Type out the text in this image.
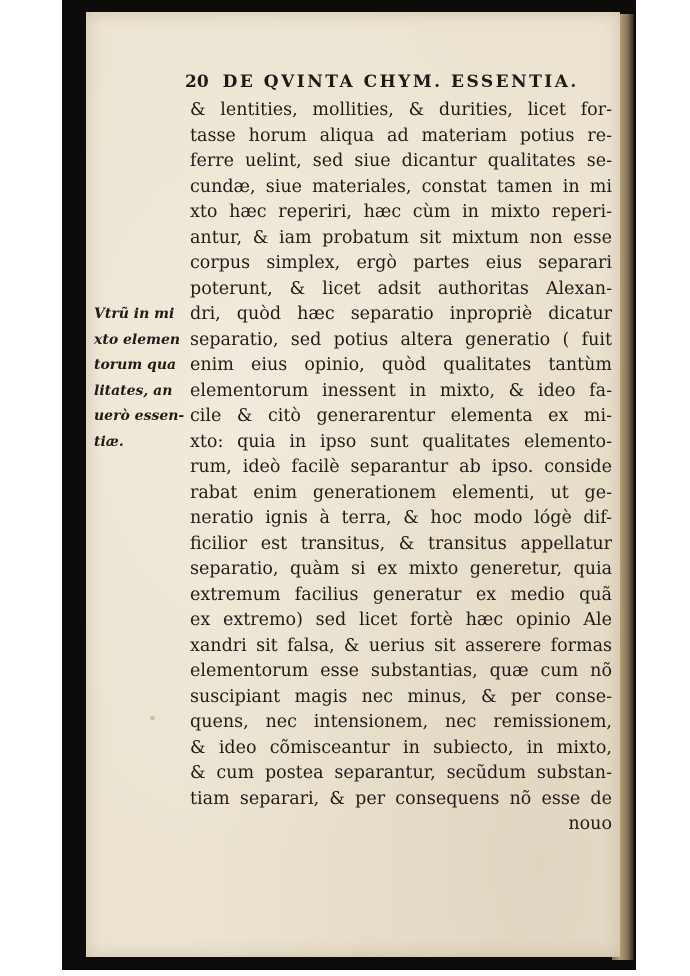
20 DE QVINTA CHYM. ESSENTIA.
Vtrũ in mi
xto elemen
torum qua
litates, an
uerò essen-
tiæ.
& lentities, mollities, & durities, licet for-
tasse horum aliqua ad materiam potius re-
ferre uelint, sed siue dicantur qualitates se-
cundæ, siue materiales, constat tamen in mi
xto hæc reperiri, hæc cùm in mixto reperi-
antur, & iam probatum sit mixtum non esse
corpus simplex, ergò partes eius separari
poterunt, & licet adsit authoritas Alexan-
dri, quòd hæc separatio inpropriè dicatur
separatio, sed potius altera generatio ( fuit
enim eius opinio, quòd qualitates tantùm
elementorum inessent in mixto, & ideo fa-
cile & citò generarentur elementa ex mi-
xto: quia in ipso sunt qualitates elemento-
rum, ideò facilè separantur ab ipso. conside
rabat enim generationem elementi, ut ge-
neratio ignis à terra, & hoc modo lógè dif-
ficilior est transitus, & transitus appellatur
separatio, quàm si ex mixto generetur, quia
extremum facilius generatur ex medio quã
ex extremo) sed licet fortè hæc opinio Ale
xandri sit falsa, & uerius sit asserere formas
elementorum esse substantias, quæ cum nõ
suscipiant magis nec minus, & per conse-
quens, nec intensionem, nec remissionem,
& ideo cõmisceantur in subiecto, in mixto,
& cum postea separantur, secũdum substan-
tiam separari, & per consequens nõ esse de
nouo
